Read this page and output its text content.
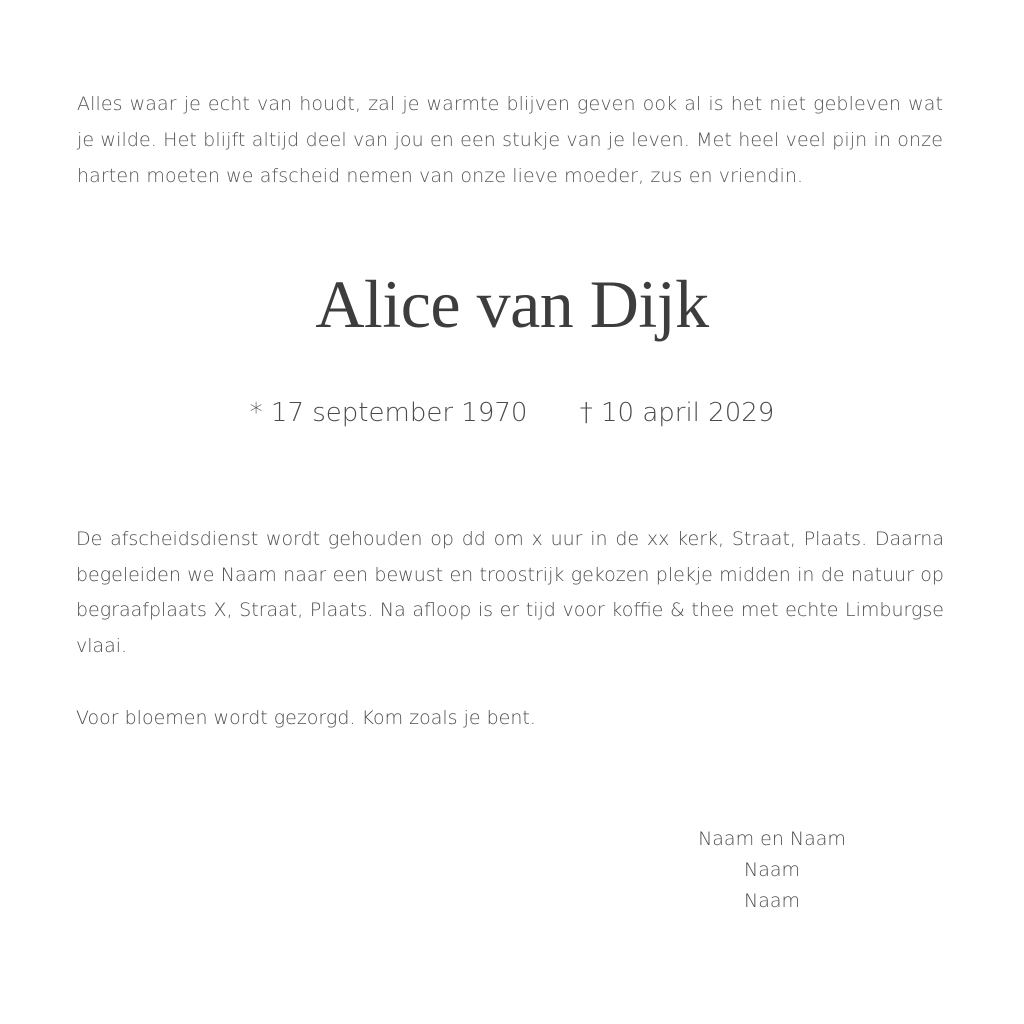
Alles waar je echt van houdt, zal je warmte blijven geven ook al is het niet gebleven wat je wilde. Het blijft altijd deel van jou en een stukje van je leven. Met heel veel pijn in onze harten moeten we afscheid nemen van onze lieve moeder, zus en vriendin.

Alice van Dijk
* 17 september 1970 † 10 april 2029

De afscheidsdienst wordt gehouden op dd om x uur in de xx kerk, Straat, Plaats. Daarna begeleiden we Naam naar een bewust en troostrijk gekozen plekje midden in de natuur op begraafplaats X, Straat, Plaats. Na afloop is er tijd voor koffie & thee met echte Limburgse vlaai.

Voor bloemen wordt gezorgd. Kom zoals je bent.

Naam en Naam
Naam
Naam
